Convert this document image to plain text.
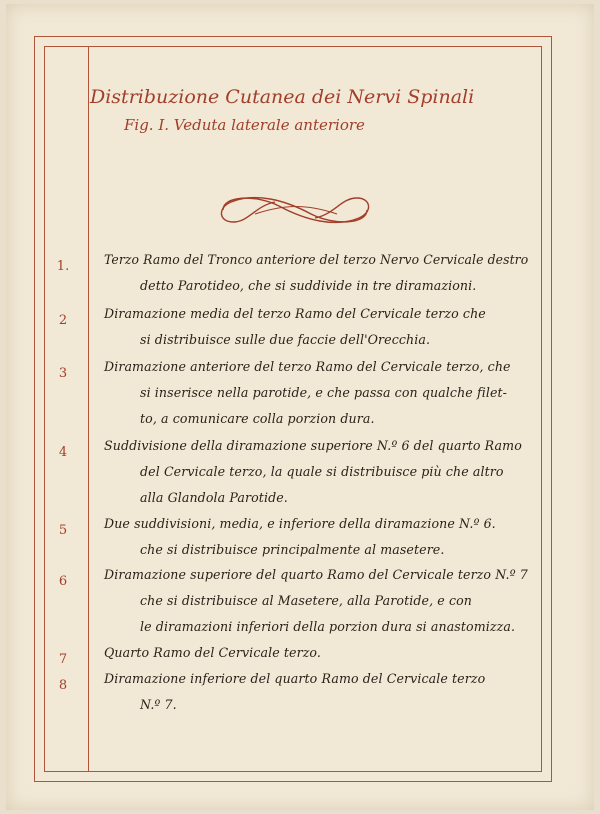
Distribuzione Cutanea dei Nervi Spinali
Fig. I. Veduta laterale anteriore
1.	Terzo Ramo del Tronco anteriore del terzo Nervo Cervicale destro
detto Parotideo, che si suddivide in tre diramazioni.
2	Diramazione media del terzo Ramo del Cervicale terzo che
si distribuisce sulle due faccie dell'Orecchia.
3	Diramazione anteriore del terzo Ramo del Cervicale terzo, che
si inserisce nella parotide, e che passa con qualche filet-
to, a comunicare colla porzion dura.
4	Suddivisione della diramazione superiore N.º 6 del quarto Ramo
del Cervicale terzo, la quale si distribuisce più che altro
alla Glandola Parotide.
5	Due suddivisioni, media, e inferiore della diramazione N.º 6.
che si distribuisce principalmente al masetere.
6	Diramazione superiore del quarto Ramo del Cervicale terzo N.º 7
che si distribuisce al Masetere, alla Parotide, e con
le diramazioni inferiori della porzion dura si anastomizza.
7	Quarto Ramo del Cervicale terzo.
8	Diramazione inferiore del quarto Ramo del Cervicale terzo
N.º 7.
